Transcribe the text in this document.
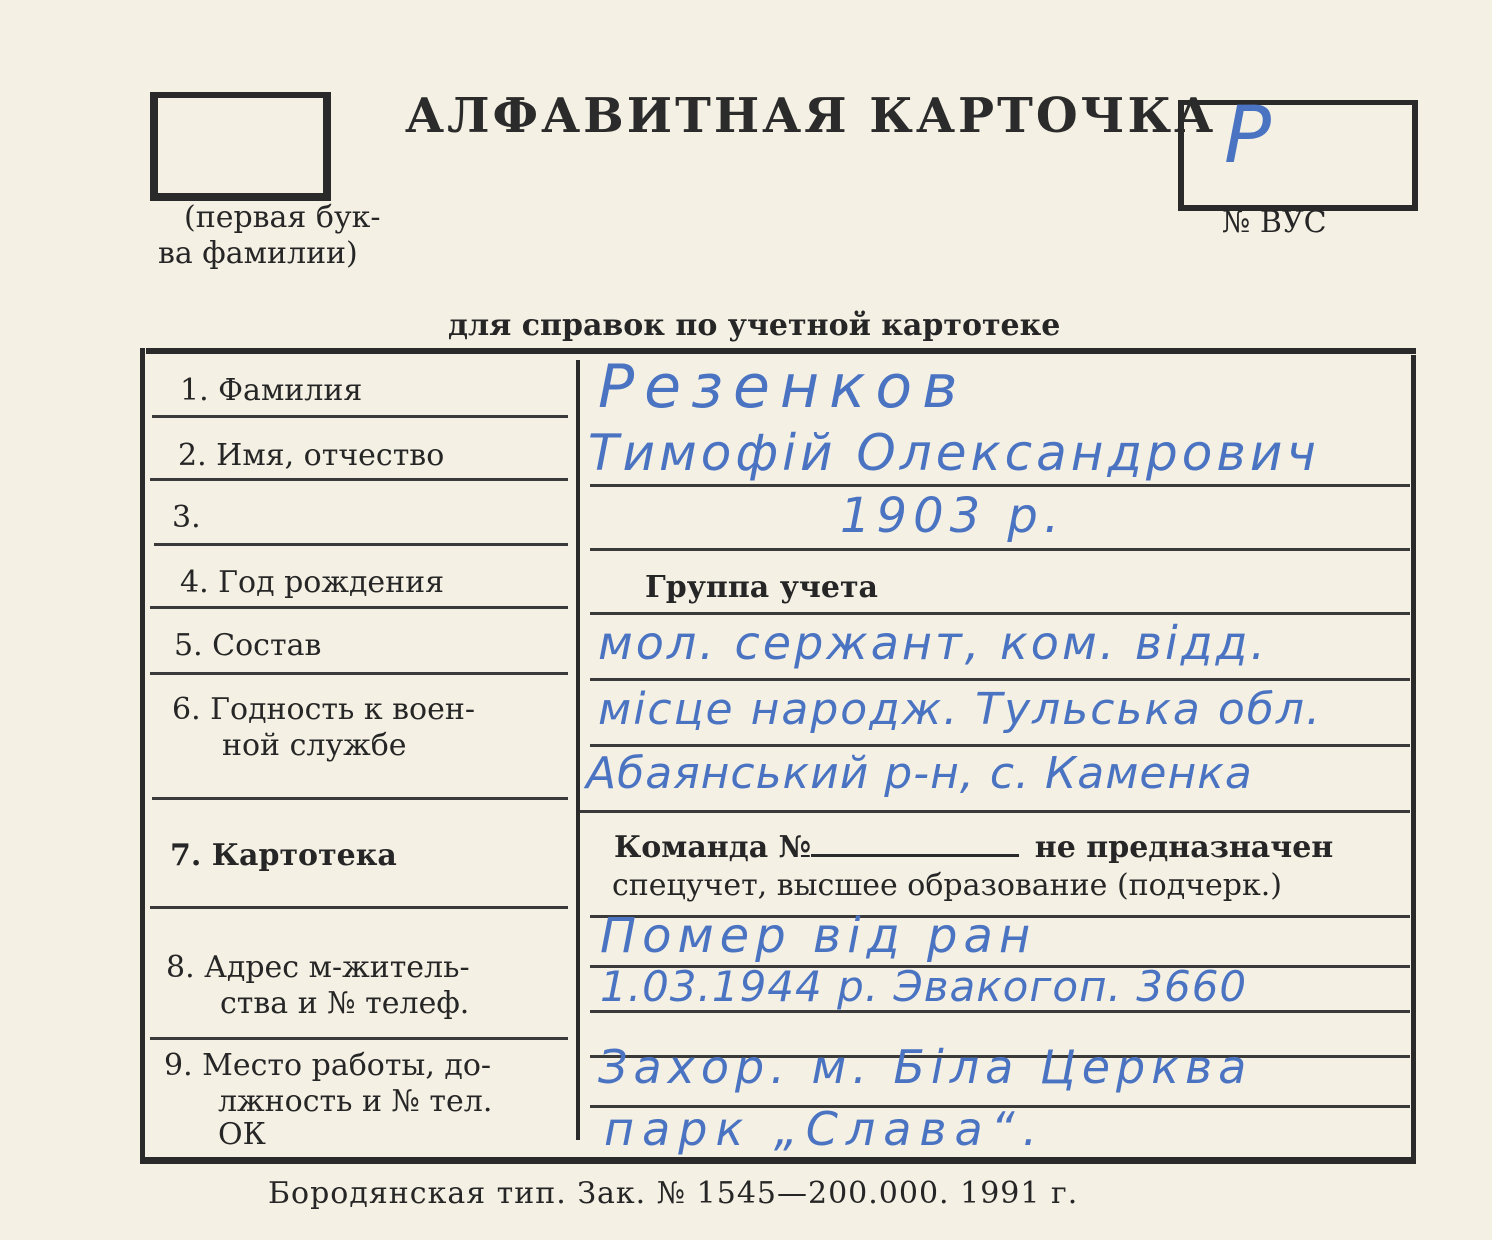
АЛФАВИТНАЯ КАРТОЧКА Р
(первая бук-
ва фамилии)
№ ВУС
для справок по учетной картотеке
1. Фамилия
2. Имя, отчество
3.
4. Год рождения
5. Состав
6. Годность к воен-
ной службе
7. Картотека
8. Адрес м-житель-
ства и № телеф.
9. Место работы, до-
лжность и № тел.
ОК
Группа учета
Команда №	не предназначен
спецучет, высшее образование (подчерк.)
Резенков
Тимофій Олександрович
1903 р.
мол. сержант, ком. відд.
місце народж. Тульська обл.
Абаянський р-н, с. Каменка
Помер від ран
1.03.1944 р. Эвакогоп. 3660
Захор. м. Біла Церква
парк „Слава“.
Бородянская тип. Зак. № 1545—200.000. 1991 г.
